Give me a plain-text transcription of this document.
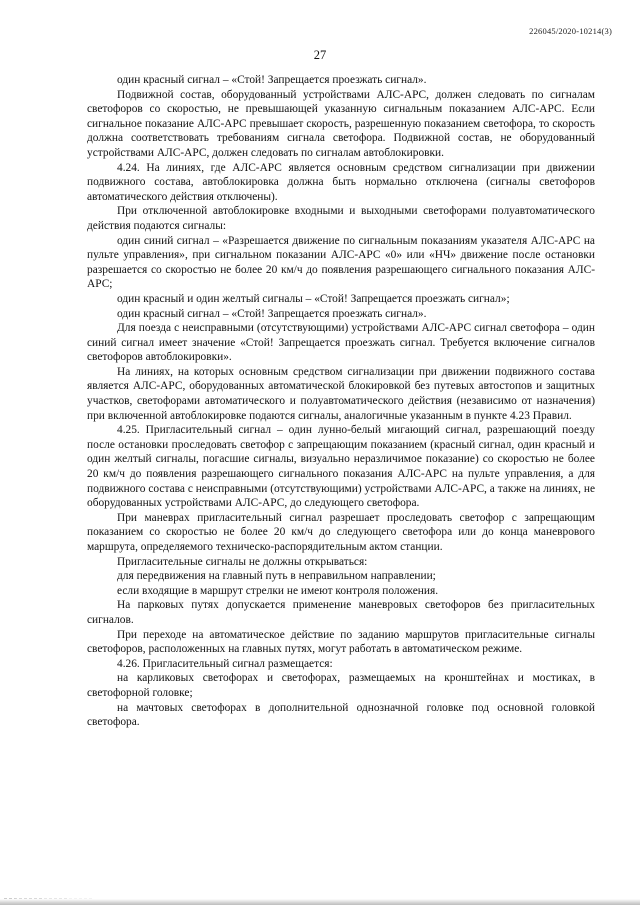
226045/2020-10214(3)
27

один красный сигнал – «Стой! Запрещается проезжать сигнал».

Подвижной состав, оборудованный устройствами АЛС-АРС, должен следовать по сигналам светофоров со скоростью, не превышающей указанную сигнальным показанием АЛС-АРС. Если сигнальное показание АЛС-АРС превышает скорость, разрешенную показанием светофора, то скорость должна соответствовать требованиям сигнала светофора. Подвижной состав, не оборудованный устройствами АЛС-АРС, должен следовать по сигналам автоблокировки.

4.24. На линиях, где АЛС-АРС является основным средством сигнализации при движении подвижного состава, автоблокировка должна быть нормально отключена (сигналы светофоров автоматического действия отключены).

При отключенной автоблокировке входными и выходными светофорами полуавтоматического действия подаются сигналы:

один синий сигнал – «Разрешается движение по сигнальным показаниям указателя АЛС-АРС на пульте управления», при сигнальном показании АЛС-АРС «0» или «НЧ» движение после остановки разрешается со скоростью не более 20 км/ч до появления разрешающего сигнального показания АЛС-АРС;

один красный и один желтый сигналы – «Стой! Запрещается проезжать сигнал»;

один красный сигнал – «Стой! Запрещается проезжать сигнал».

Для поезда с неисправными (отсутствующими) устройствами АЛС-АРС сигнал светофора – один синий сигнал имеет значение «Стой! Запрещается проезжать сигнал. Требуется включение сигналов светофоров автоблокировки».

На линиях, на которых основным средством сигнализации при движении подвижного состава является АЛС-АРС, оборудованных автоматической блокировкой без путевых автостопов и защитных участков, светофорами автоматического и полуавтоматического действия (независимо от назначения) при включенной автоблокировке подаются сигналы, аналогичные указанным в пункте 4.23 Правил.

4.25. Пригласительный сигнал – один лунно-белый мигающий сигнал, разрешающий поезду после остановки проследовать светофор с запрещающим показанием (красный сигнал, один красный и один желтый сигналы, погасшие сигналы, визуально неразличимое показание) со скоростью не более 20 км/ч до появления разрешающего сигнального показания АЛС-АРС на пульте управления, а для подвижного состава с неисправными (отсутствующими) устройствами АЛС-АРС, а также на линиях, не оборудованных устройствами АЛС-АРС, до следующего светофора.

При маневрах пригласительный сигнал разрешает проследовать светофор с запрещающим показанием со скоростью не более 20 км/ч до следующего светофора или до конца маневрового маршрута, определяемого техническо-распорядительным актом станции.

Пригласительные сигналы не должны открываться:

для передвижения на главный путь в неправильном направлении;

если входящие в маршрут стрелки не имеют контроля положения.

На парковых путях допускается применение маневровых светофоров без пригласительных сигналов.

При переходе на автоматическое действие по заданию маршрутов пригласительные сигналы светофоров, расположенных на главных путях, могут работать в автоматическом режиме.

4.26. Пригласительный сигнал размещается:

на карликовых светофорах и светофорах, размещаемых на кронштейнах и мостиках, в светофорной головке;

на мачтовых светофорах в дополнительной однозначной головке под основной головкой светофора.
